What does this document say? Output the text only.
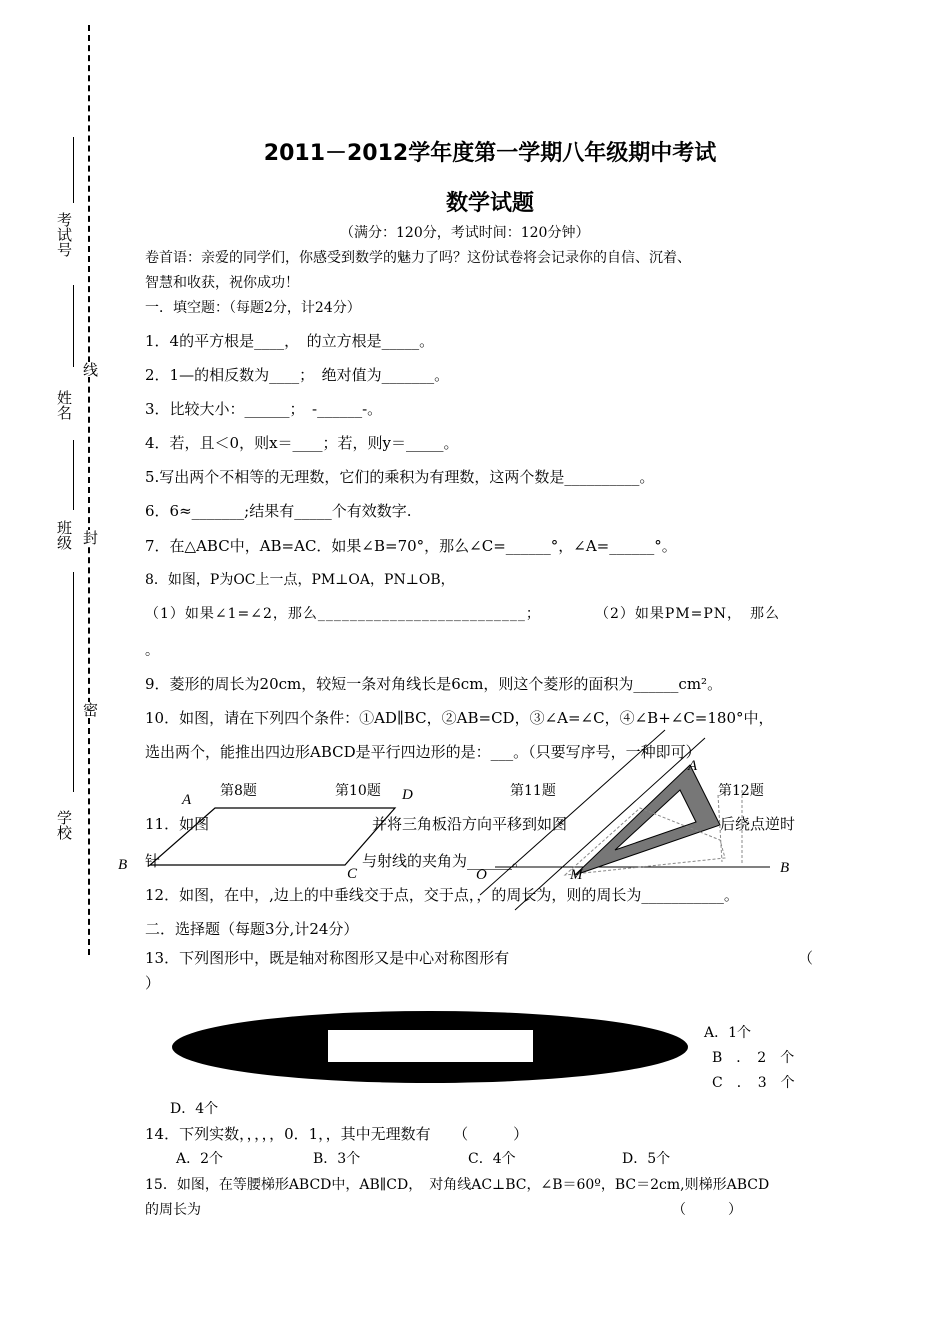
考试号
姓名
班级
学校
线
封
密
2011－2012学年度第一学期八年级期中考试
数学试题
（满分：120分，考试时间：120分钟）
卷首语：亲爱的同学们，你感受到数学的魅力了吗？这份试卷将会记录你的自信、沉着、
智慧和收获，祝你成功！
一．填空题：（每题2分，计24分）
1．4的平方根是____，　的立方根是_____。
2．1—的相反数为____；　绝对值为_______。
3．比较大小：______；　-______-。
4．若，且＜0，则x＝____；若，则y＝_____。
5.写出两个不相等的无理数，它们的乘积为有理数，这两个数是__________。
6．6≈_______;结果有_____个有效数字.
7．在△ABC中，AB=AC．如果∠B=70°，那么∠C=______°，∠A=______°。
8．如图，P为OC上一点，PM⊥OA，PN⊥OB，
（1）如果∠1=∠2，那么__________________________；	（2）如果PM=PN，　那么
。
9．菱形的周长为20cm，较短一条对角线长是6cm，则这个菱形的面积为______cm²。
10．如图，请在下列四个条件：①AD∥BC，②AB=CD，③∠A=∠C，④∠B+∠C=180°中，
选出两个，能推出四边形ABCD是平行四边形的是：___。（只要写序号，一种即可）
第8题	第10题	第11题	第12题
11．如图	并将三角板沿方向平移到如图	后绕点逆时
针	与射线的夹角为______。
A	D
B
C	O	M
A
B
12．如图，在中，,边上的中垂线交于点，交于点，，的周长为，则的周长为___________。
二．选择题（每题3分,计24分）
13．下列图形中，既是轴对称图形又是中心对称图形有	（
）
A．1个
B　．　2　个
C　．　3　个
D．4个
14．下列实数，，，，，0．1，，其中无理数有　　（　　　）
A．2个	B．3个	C．4个	D．5个
15．如图，在等腰梯形ABCD中，AB∥CD，　对角线AC⊥BC，∠B＝60º，BC＝2cm,则梯形ABCD
的周长为	（　　　）
